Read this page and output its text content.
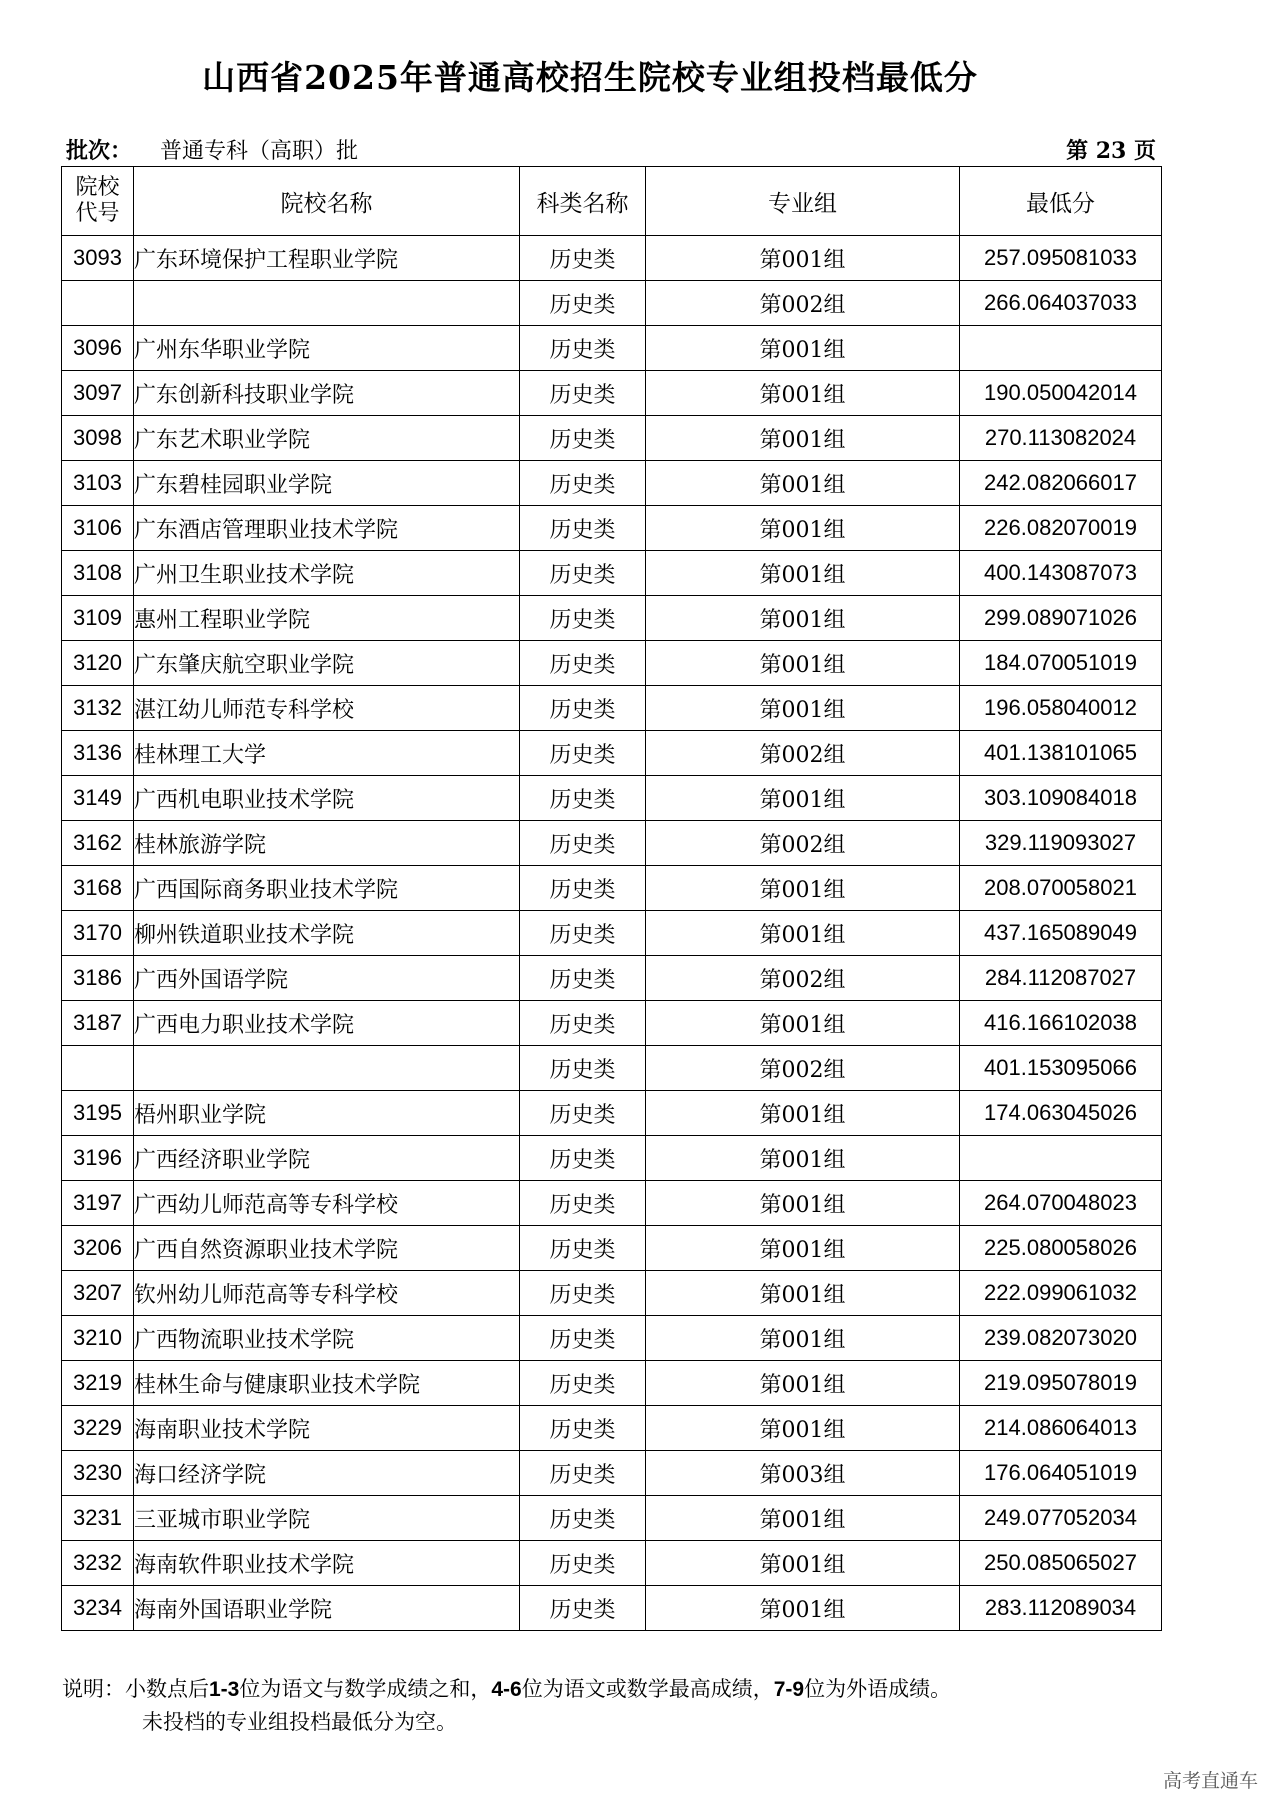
山西省2025年普通高校招生院校专业组投档最低分
批次： 普通专科（高职）批	第 23 页
院校
代号	院校名称	科类名称	专业组	最低分
3093	广东环境保护工程职业学院	历史类	第001组	257.095081033
		历史类	第002组	266.064037033
3096	广州东华职业学院	历史类	第001组	
3097	广东创新科技职业学院	历史类	第001组	190.050042014
3098	广东艺术职业学院	历史类	第001组	270.113082024
3103	广东碧桂园职业学院	历史类	第001组	242.082066017
3106	广东酒店管理职业技术学院	历史类	第001组	226.082070019
3108	广州卫生职业技术学院	历史类	第001组	400.143087073
3109	惠州工程职业学院	历史类	第001组	299.089071026
3120	广东肇庆航空职业学院	历史类	第001组	184.070051019
3132	湛江幼儿师范专科学校	历史类	第001组	196.058040012
3136	桂林理工大学	历史类	第002组	401.138101065
3149	广西机电职业技术学院	历史类	第001组	303.109084018
3162	桂林旅游学院	历史类	第002组	329.119093027
3168	广西国际商务职业技术学院	历史类	第001组	208.070058021
3170	柳州铁道职业技术学院	历史类	第001组	437.165089049
3186	广西外国语学院	历史类	第002组	284.112087027
3187	广西电力职业技术学院	历史类	第001组	416.166102038
		历史类	第002组	401.153095066
3195	梧州职业学院	历史类	第001组	174.063045026
3196	广西经济职业学院	历史类	第001组	
3197	广西幼儿师范高等专科学校	历史类	第001组	264.070048023
3206	广西自然资源职业技术学院	历史类	第001组	225.080058026
3207	钦州幼儿师范高等专科学校	历史类	第001组	222.099061032
3210	广西物流职业技术学院	历史类	第001组	239.082073020
3219	桂林生命与健康职业技术学院	历史类	第001组	219.095078019
3229	海南职业技术学院	历史类	第001组	214.086064013
3230	海口经济学院	历史类	第003组	176.064051019
3231	三亚城市职业学院	历史类	第001组	249.077052034
3232	海南软件职业技术学院	历史类	第001组	250.085065027
3234	海南外国语职业学院	历史类	第001组	283.112089034
说明：小数点后1-3位为语文与数学成绩之和，4-6位为语文或数学最高成绩，7-9位为外语成绩。
未投档的专业组投档最低分为空。
高考直通车
